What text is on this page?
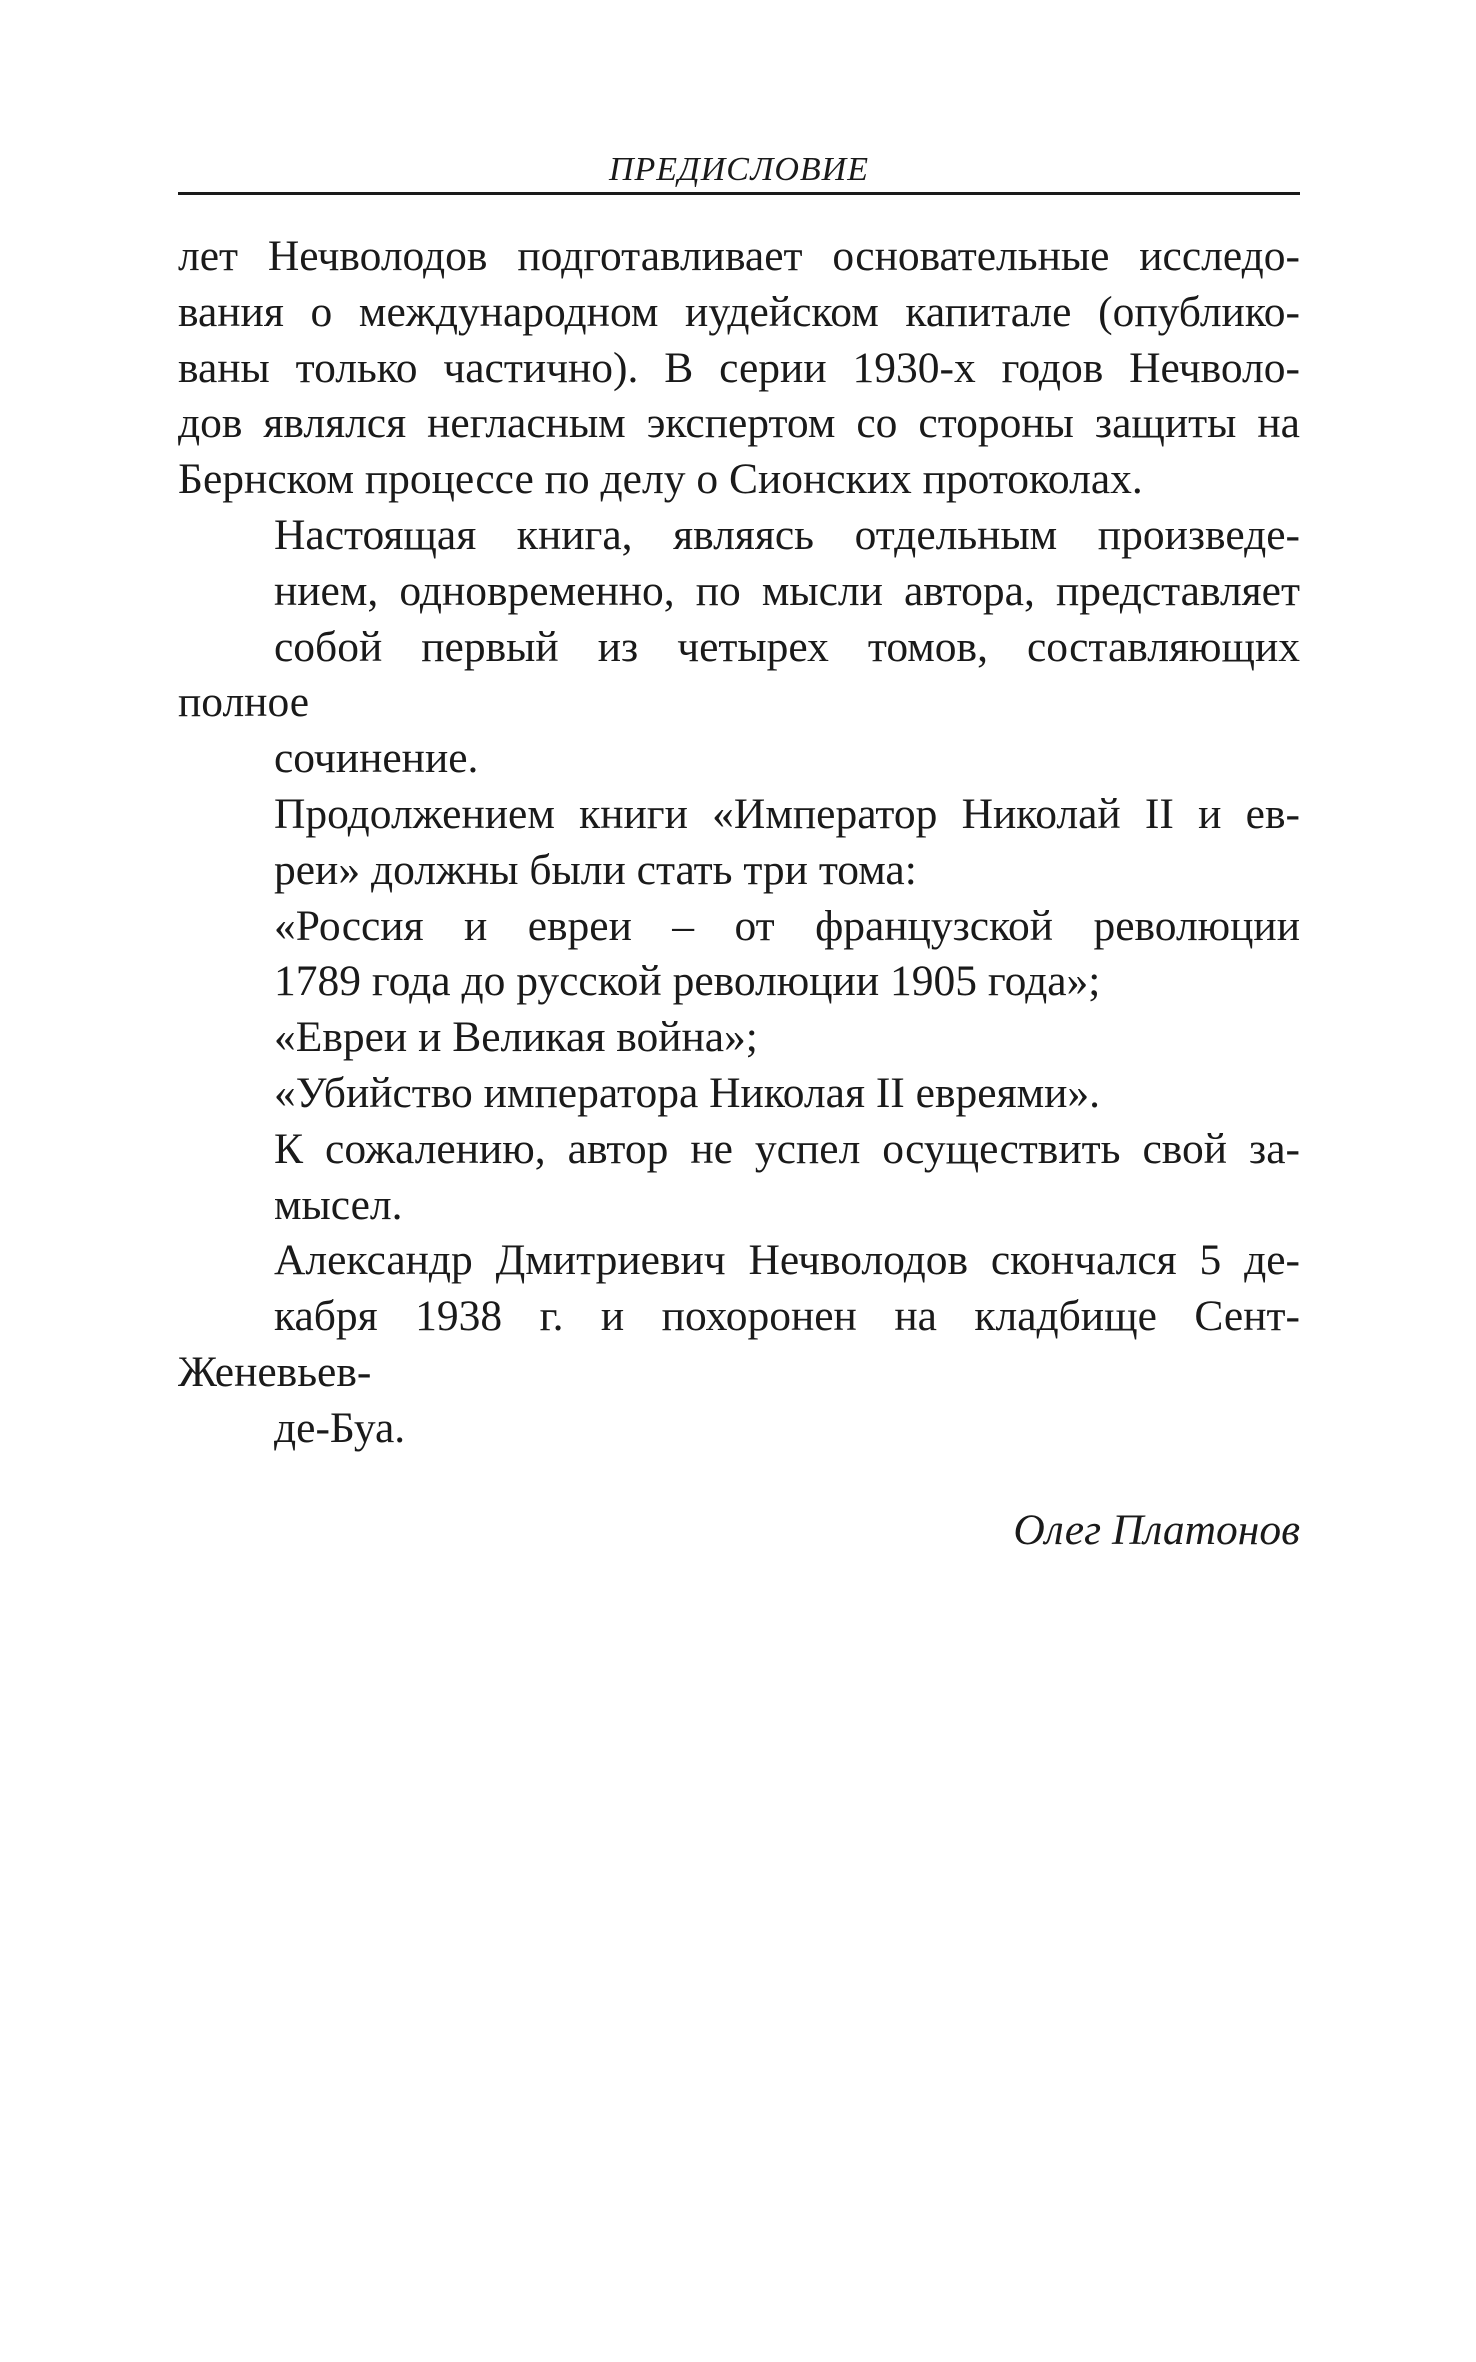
ПРЕДИСЛОВИЕ

лет Нечволодов подготавливает основательные исследо-
вания о международном иудейском капитале (опублико-
ваны только частично). В серии 1930-х годов Нечволо-
дов являлся негласным экспертом со стороны защиты на
Бернском процессе по делу о Сионских протоколах.

Настоящая книга, являясь отдельным произведе-
нием, одновременно, по мысли автора, представляет
собой первый из четырех томов, составляющих полное
сочинение.

Продолжением книги «Император Николай II и ев-
реи» должны были стать три тома:

«Россия и евреи – от французской революции
1789 года до русской революции 1905 года»;

«Евреи и Великая война»;

«Убийство императора Николая II евреями».

К сожалению, автор не успел осуществить свой за-
мысел.

Александр Дмитриевич Нечволодов скончался 5 де-
кабря 1938 г. и похоронен на кладбище Сент-Женевьев-
де-Буа.

Олег Платонов
